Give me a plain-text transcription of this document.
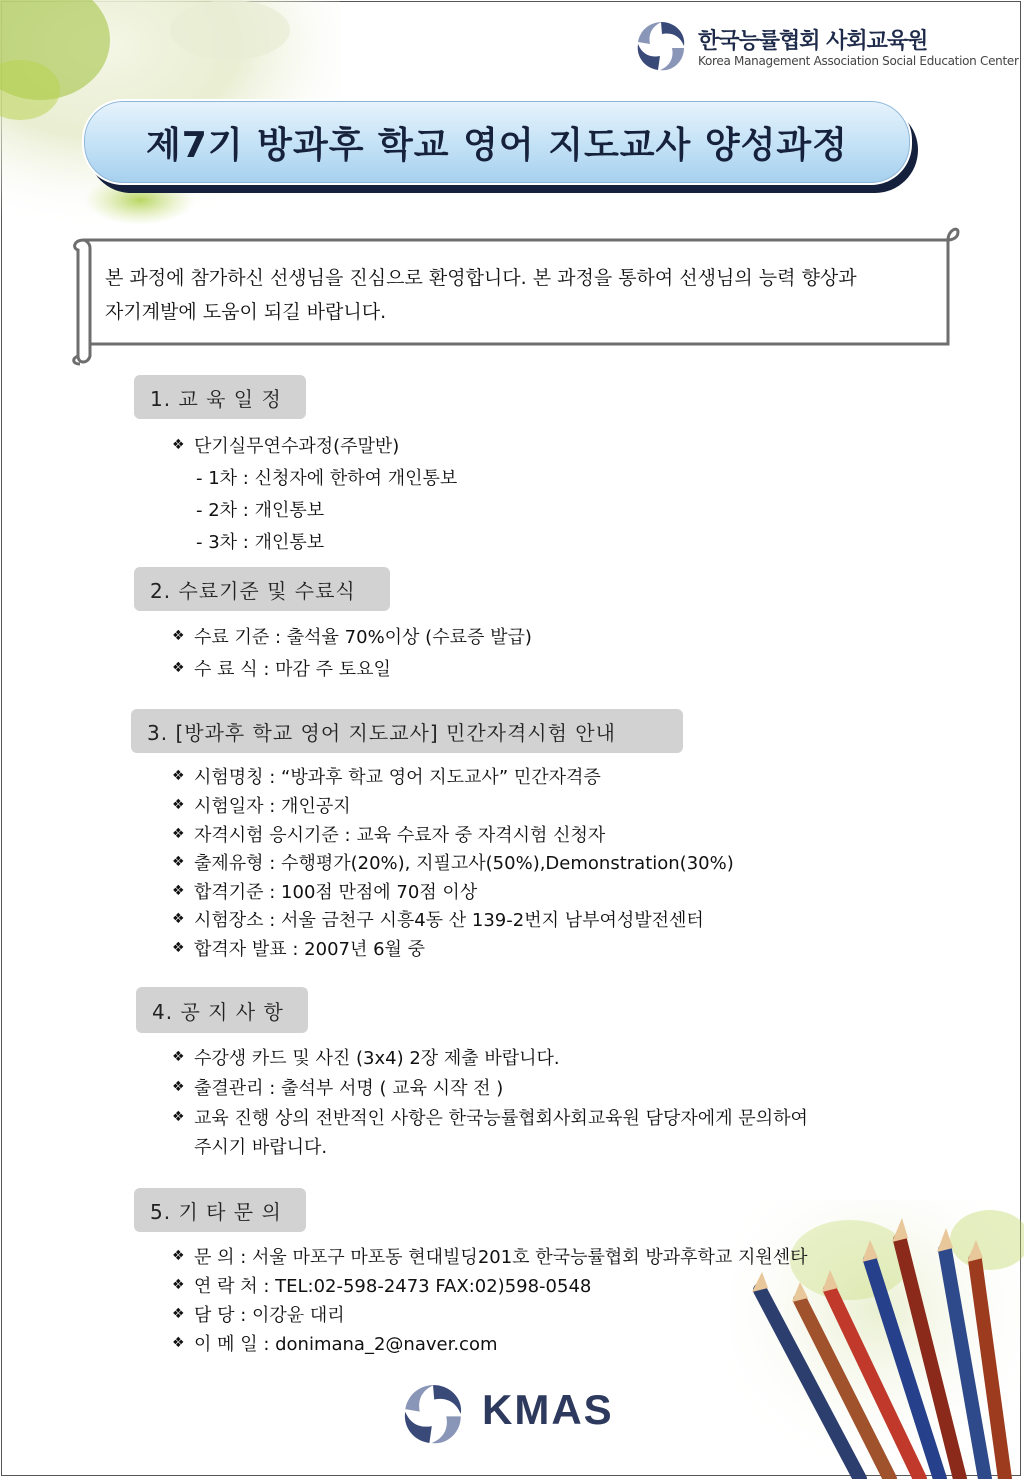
한국능률협회 사회교육원
Korea Management Association Social Education Center
제7기 방과후 학교 영어 지도교사 양성과정
본 과정에 참가하신 선생님을 진심으로 환영합니다. 본 과정을 통하여 선생님의 능력 향상과
자기계발에 도움이 되길 바랍니다.
1. 교 육 일 정
❖ 단기실무연수과정(주말반)
- 1차 : 신청자에 한하여 개인통보
- 2차 : 개인통보
- 3차 : 개인통보
2. 수료기준 및 수료식
❖ 수료 기준 : 출석율 70%이상 (수료증 발급)
❖ 수 료 식 : 마감 주 토요일
3. [방과후 학교 영어 지도교사] 민간자격시험 안내
❖ 시험명칭 : “방과후 학교 영어 지도교사” 민간자격증
❖ 시험일자 : 개인공지
❖ 자격시험 응시기준 : 교육 수료자 중 자격시험 신청자
❖ 출제유형 : 수행평가(20%), 지필고사(50%),Demonstration(30%)
❖ 합격기준 : 100점 만점에 70점 이상
❖ 시험장소 : 서울 금천구 시흥4동 산 139-2번지 남부여성발전센터
❖ 합격자 발표 : 2007년 6월 중
4. 공 지 사 항
❖ 수강생 카드 및 사진 (3x4) 2장 제출 바랍니다.
❖ 출결관리 : 출석부 서명 ( 교육 시작 전 )
❖ 교육 진행 상의 전반적인 사항은 한국능률협회사회교육원 담당자에게 문의하여
주시기 바랍니다.
5. 기 타 문 의
❖ 문 의 : 서울 마포구 마포동 현대빌딩201호 한국능률협회 방과후학교 지원센타
❖ 연 락 처 : TEL:02-598-2473 FAX:02)598-0548
❖ 담 당 : 이강윤 대리
❖ 이 메 일 : donimana_2@naver.com
KMAS
